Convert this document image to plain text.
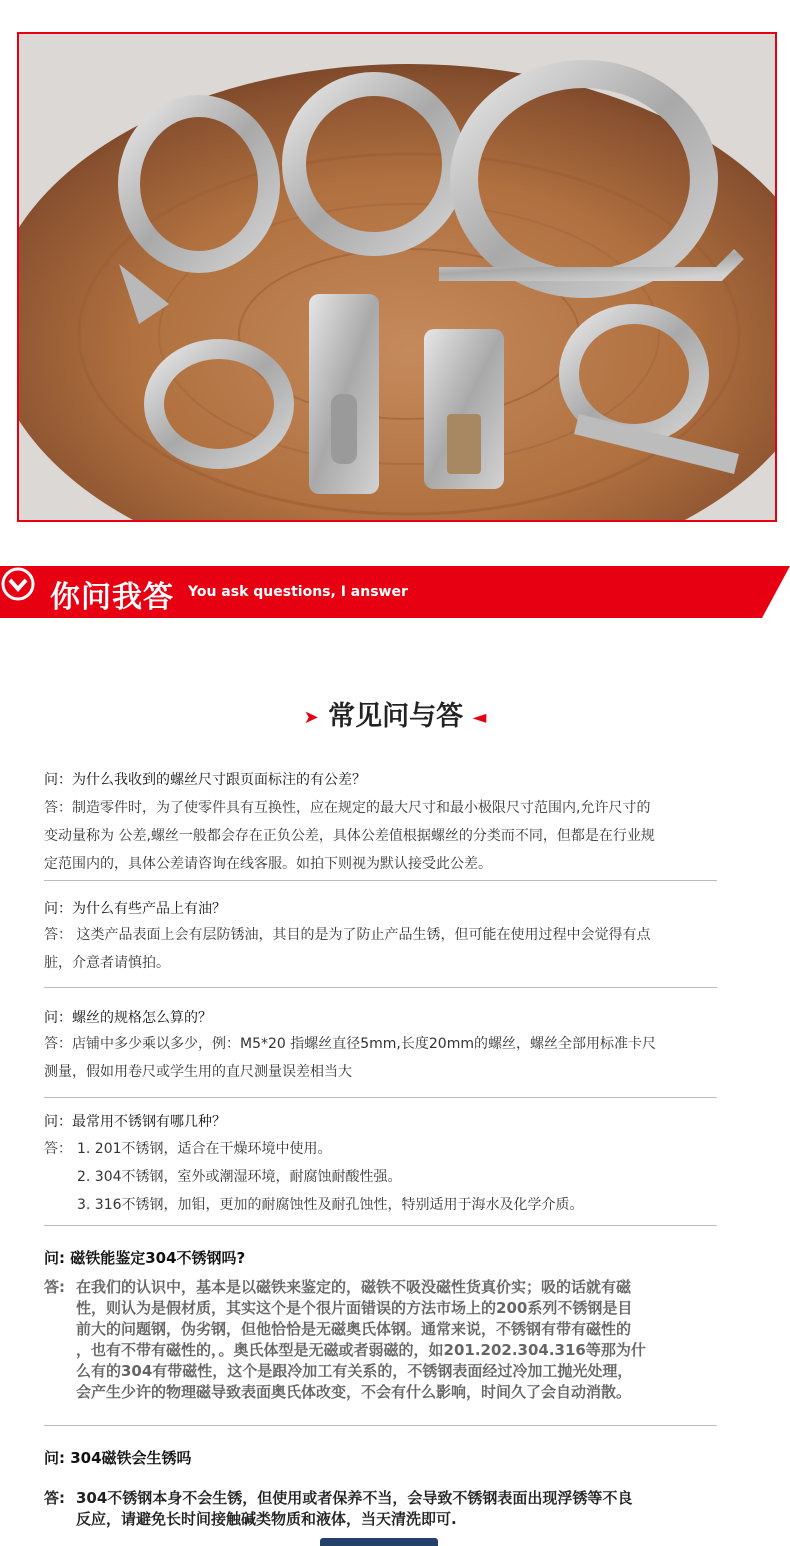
你问我答 You ask questions, I answer
➤ 常见问与答 ◄

问：为什么我收到的螺丝尺寸跟页面标注的有公差？

答：制造零件时，为了使零件具有互换性，应在规定的最大尺寸和最小极限尺寸范围内,允许尺寸的

变动量称为 公差,螺丝一般都会存在正负公差，具体公差值根据螺丝的分类而不同，但都是在行业规

定范围内的，具体公差请咨询在线客服。如拍下则视为默认接受此公差。

问：为什么有些产品上有油？

答： 这类产品表面上会有层防锈油，其目的是为了防止产品生锈，但可能在使用过程中会觉得有点

脏，介意者请慎拍。

问：螺丝的规格怎么算的？

答：店铺中多少乘以多少，例：M5*20 指螺丝直径5mm,长度20mm的螺丝，螺丝全部用标准卡尺

测量，假如用卷尺或学生用的直尺测量误差相当大

问：最常用不锈钢有哪几种？

答： 1. 201不锈钢，适合在干燥环境中使用。
2. 304不锈钢，室外或潮湿环境，耐腐蚀耐酸性强。
3. 316不锈钢，加钼，更加的耐腐蚀性及耐孔蚀性，特别适用于海水及化学介质。
问: 磁铁能鉴定304不锈钢吗?
答: 在我们的认识中，基本是以磁铁来鉴定的，磁铁不吸没磁性货真价实；吸的话就有磁
性，则认为是假材质，其实这个是个很片面错误的方法市场上的200系列不锈钢是目
前大的问题钢，伪劣钢，但他恰恰是无磁奥氏体钢。通常来说，不锈钢有带有磁性的
，也有不带有磁性的，。奥氏体型是无磁或者弱磁的，如201.202.304.316等那为什
么有的304有带磁性，这个是跟冷加工有关系的，不锈钢表面经过冷加工抛光处理，
会产生少许的物理磁导致表面奥氏体改变，不会有什么影响，时间久了会自动消散。
问: 304磁铁会生锈吗
答: 304不锈钢本身不会生锈，但使用或者保养不当，会导致不锈钢表面出现浮锈等不良
反应，请避免长时间接触碱类物质和液体，当天清洗即可.
